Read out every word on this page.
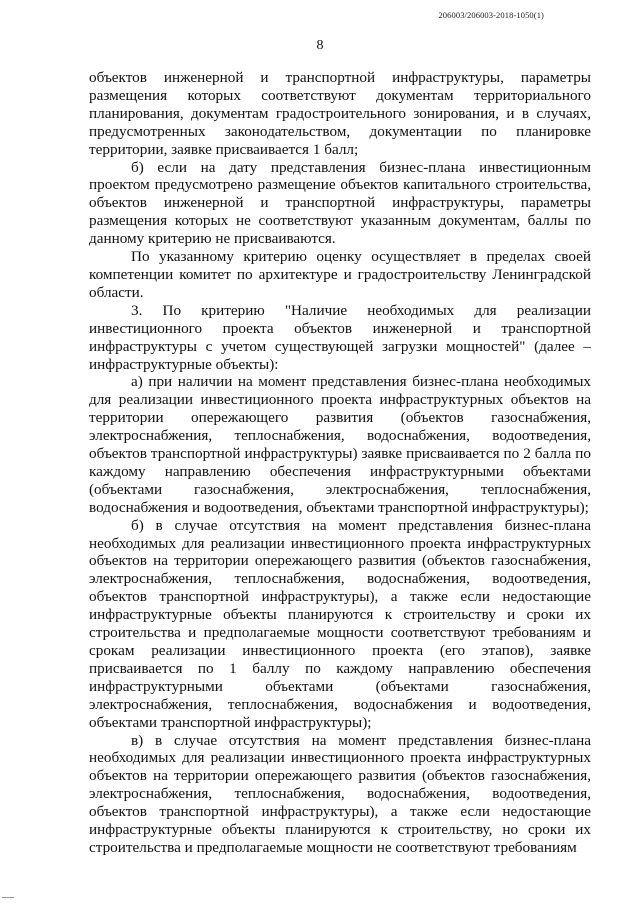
206003/206003-2018-1050(1)
8

объектов инженерной и транспортной инфраструктуры, параметры размещения которых соответствуют документам территориального планирования, документам градостроительного зонирования, и в случаях, предусмотренных законодательством, документации по планировке территории, заявке присваивается 1 балл;

б) если на дату представления бизнес-плана инвестиционным проектом предусмотрено размещение объектов капитального строительства, объектов инженерной и транспортной инфраструктуры, параметры размещения которых не соответствуют указанным документам, баллы по данному критерию не присваиваются.

По указанному критерию оценку осуществляет в пределах своей компетенции комитет по архитектуре и градостроительству Ленинградской области.

3. По критерию "Наличие необходимых для реализации инвестиционного проекта объектов инженерной и транспортной инфраструктуры с учетом существующей загрузки мощностей" (далее – инфраструктурные объекты):

а) при наличии на момент представления бизнес-плана необходимых для реализации инвестиционного проекта инфраструктурных объектов на территории опережающего развития (объектов газоснабжения, электроснабжения, теплоснабжения, водоснабжения, водоотведения, объектов транспортной инфраструктуры) заявке присваивается по 2 балла по каждому направлению обеспечения инфраструктурными объектами (объектами газоснабжения, электроснабжения, теплоснабжения, водоснабжения и водоотведения, объектами транспортной инфраструктуры);

б) в случае отсутствия на момент представления бизнес-плана необходимых для реализации инвестиционного проекта инфраструктурных объектов на территории опережающего развития (объектов газоснабжения, электроснабжения, теплоснабжения, водоснабжения, водоотведения, объектов транспортной инфраструктуры), а также если недостающие инфраструктурные объекты планируются к строительству и сроки их строительства и предполагаемые мощности соответствуют требованиям и срокам реализации инвестиционного проекта (его этапов), заявке присваивается по 1 баллу по каждому направлению обеспечения инфраструктурными объектами (объектами газоснабжения, электроснабжения, теплоснабжения, водоснабжения и водоотведения, объектами транспортной инфраструктуры);

в) в случае отсутствия на момент представления бизнес-плана необходимых для реализации инвестиционного проекта инфраструктурных объектов на территории опережающего развития (объектов газоснабжения, электроснабжения, теплоснабжения, водоснабжения, водоотведения, объектов транспортной инфраструктуры), а также если недостающие инфраструктурные объекты планируются к строительству, но сроки их строительства и предполагаемые мощности не соответствуют требованиям
